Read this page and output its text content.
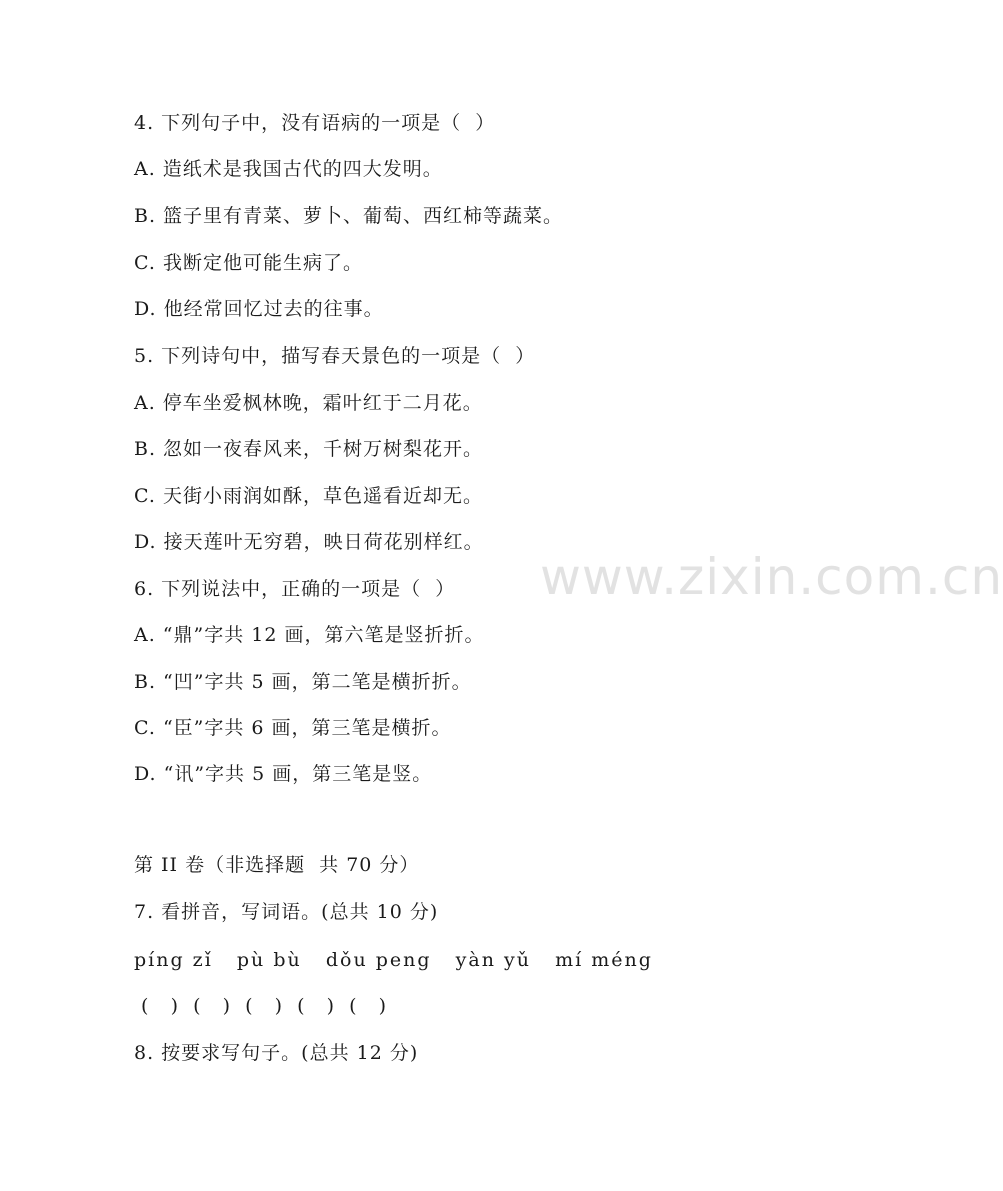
www.zixin.com.cn
4. 下列句子中，没有语病的一项是（  ）
A. 造纸术是我国古代的四大发明。
B. 篮子里有青菜、萝卜、葡萄、西红柿等蔬菜。
C. 我断定他可能生病了。
D. 他经常回忆过去的往事。
5. 下列诗句中，描写春天景色的一项是（  ）
A. 停车坐爱枫林晚，霜叶红于二月花。
B. 忽如一夜春风来，千树万树梨花开。
C. 天街小雨润如酥，草色遥看近却无。
D. 接天莲叶无穷碧，映日荷花别样红。
6. 下列说法中，正确的一项是（  ）
A. “鼎”字共 12 画，第六笔是竖折折。
B. “凹”字共 5 画，第二笔是横折折。
C. “臣”字共 6 画，第三笔是横折。
D. “讯”字共 5 画，第三笔是竖。
第 II 卷（非选择题  共 70 分）
7. 看拼音，写词语。(总共 10 分)
píng zǐ   pù bù   dǒu peng   yàn yǔ   mí méng
(   )  (   )  (   )  (   )  (   )
8. 按要求写句子。(总共 12 分)
